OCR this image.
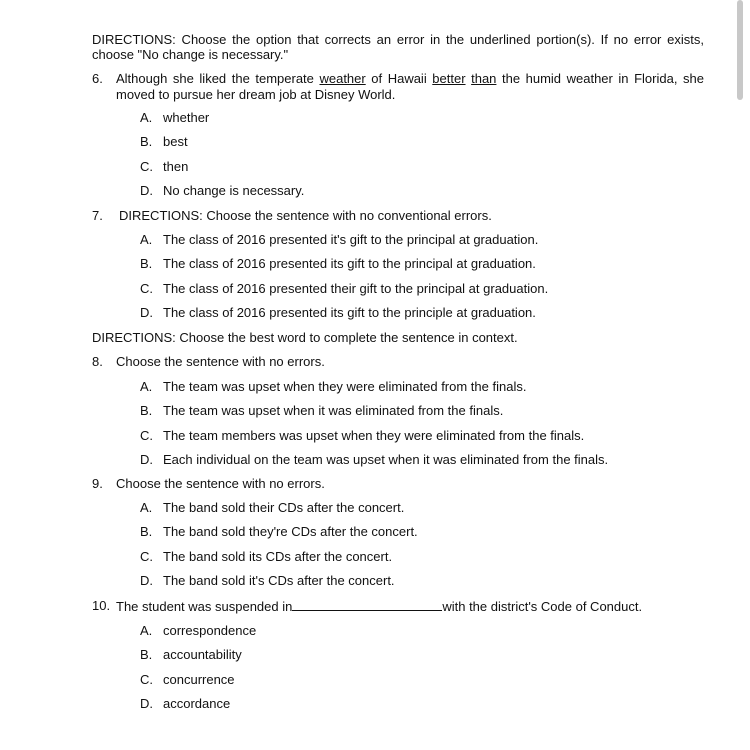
DIRECTIONS: Choose the option that corrects an error in the underlined portion(s). If no error exists,
choose "No change is necessary."
6. Although she liked the temperate weather of Hawaii better than the humid weather in Florida, she
moved to pursue her dream job at Disney World.
A. whether
B. best
C. then
D. No change is necessary.
7. DIRECTIONS: Choose the sentence with no conventional errors.
A. The class of 2016 presented it's gift to the principal at graduation.
B. The class of 2016 presented its gift to the principal at graduation.
C. The class of 2016 presented their gift to the principal at graduation.
D. The class of 2016 presented its gift to the principle at graduation.
DIRECTIONS: Choose the best word to complete the sentence in context.
8. Choose the sentence with no errors.
A. The team was upset when they were eliminated from the finals.
B. The team was upset when it was eliminated from the finals.
C. The team members was upset when they were eliminated from the finals.
D. Each individual on the team was upset when it was eliminated from the finals.
9. Choose the sentence with no errors.
A. The band sold their CDs after the concert.
B. The band sold they're CDs after the concert.
C. The band sold its CDs after the concert.
D. The band sold it's CDs after the concert.
10. The student was suspended in	with the district's Code of Conduct.
A. correspondence
B. accountability
C. concurrence
D. accordance
